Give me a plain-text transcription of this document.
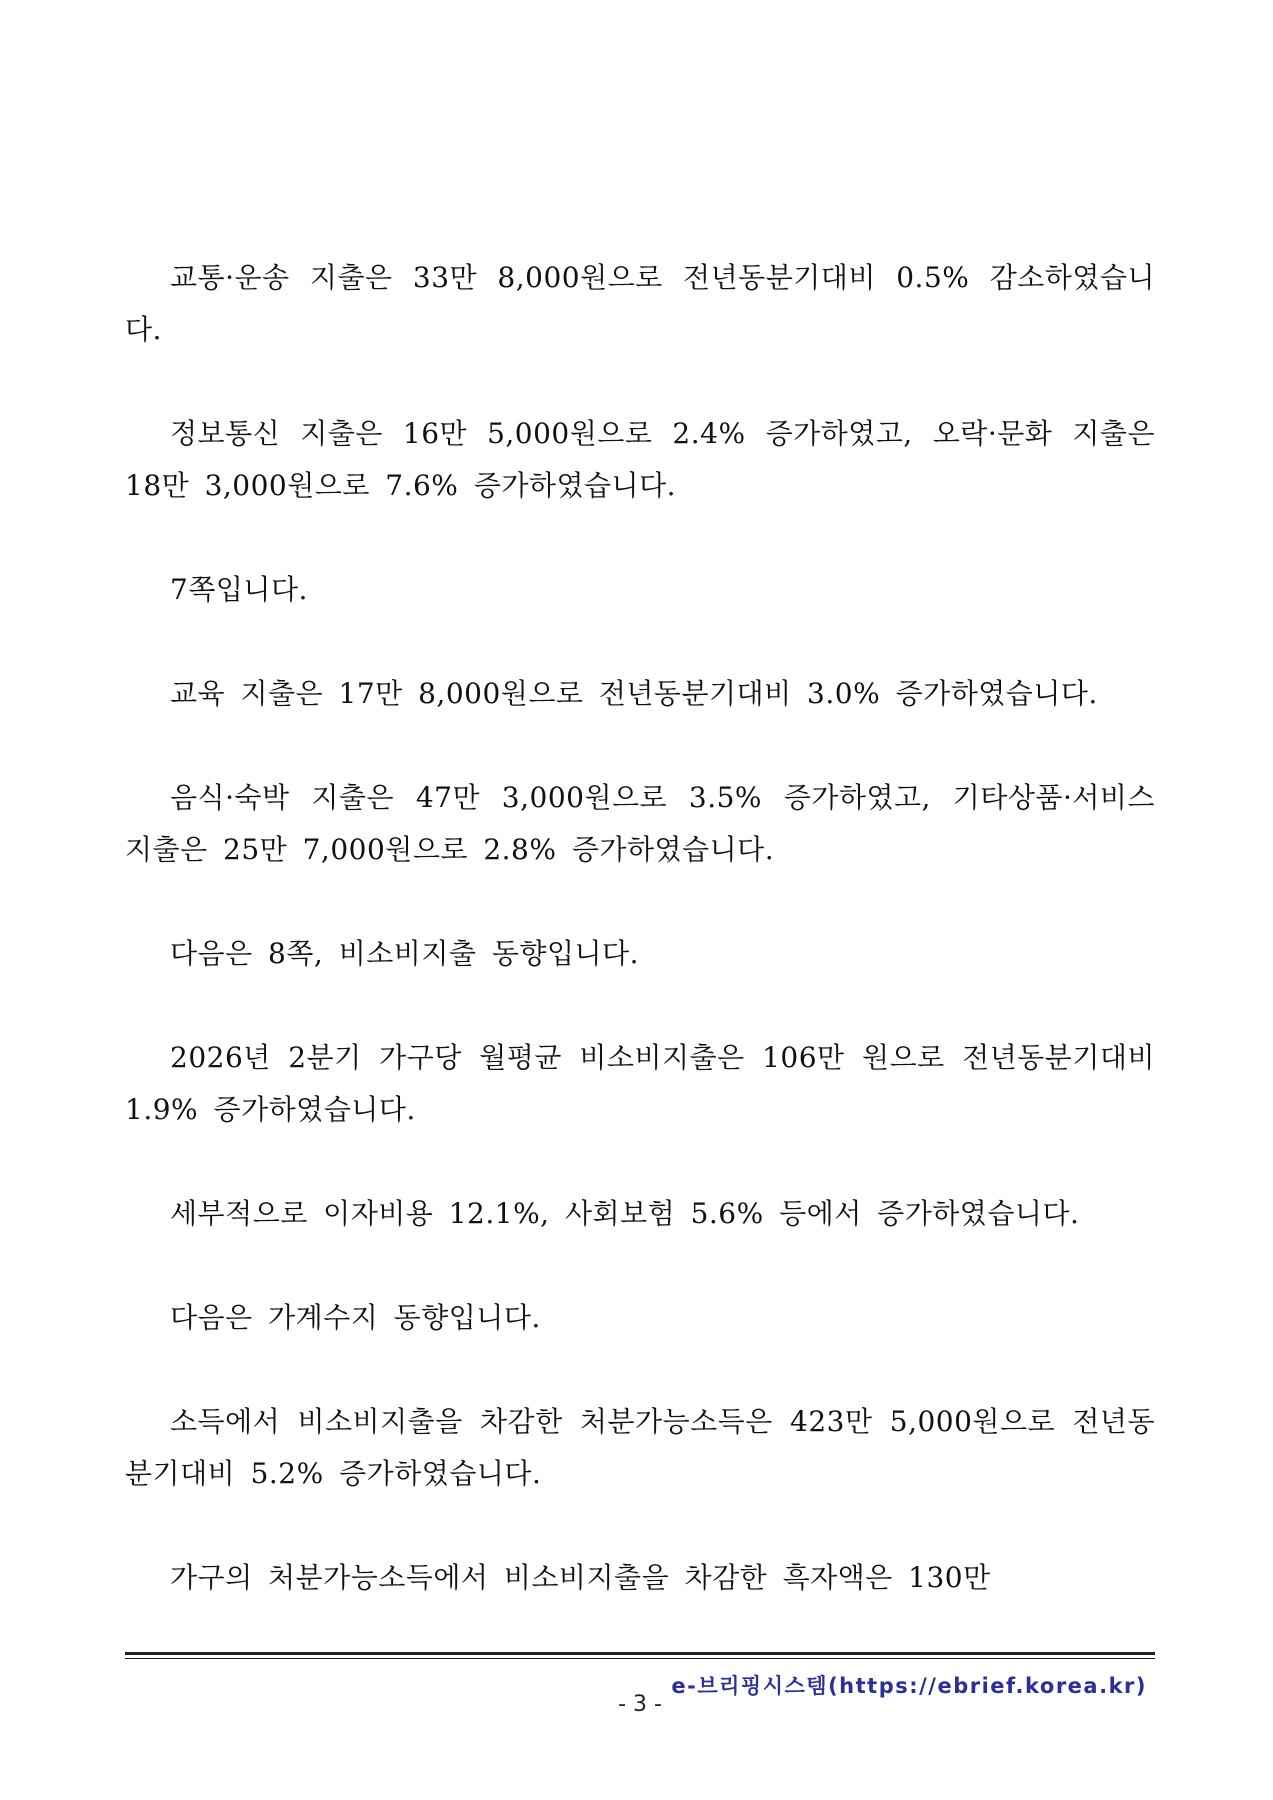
교통·운송 지출은 33만 8,000원으로 전년동분기대비 0.5% 감소하였습니다.

정보통신 지출은 16만 5,000원으로 2.4% 증가하였고, 오락·문화 지출은 18만 3,000원으로 7.6% 증가하였습니다.

7쪽입니다.

교육 지출은 17만 8,000원으로 전년동분기대비 3.0% 증가하였습니다.

음식·숙박 지출은 47만 3,000원으로 3.5% 증가하였고, 기타상품·서비스 지출은 25만 7,000원으로 2.8% 증가하였습니다.

다음은 8쪽, 비소비지출 동향입니다.

2026년 2분기 가구당 월평균 비소비지출은 106만 원으로 전년동분기대비 1.9% 증가하였습니다.

세부적으로 이자비용 12.1%, 사회보험 5.6% 등에서 증가하였습니다.

다음은 가계수지 동향입니다.

소득에서 비소비지출을 차감한 처분가능소득은 423만 5,000원으로 전년동분기대비 5.2% 증가하였습니다.

가구의 처분가능소득에서 비소비지출을 차감한 흑자액은 130만

e-브리핑시스템(https://ebrief.korea.kr)
- 3 -
